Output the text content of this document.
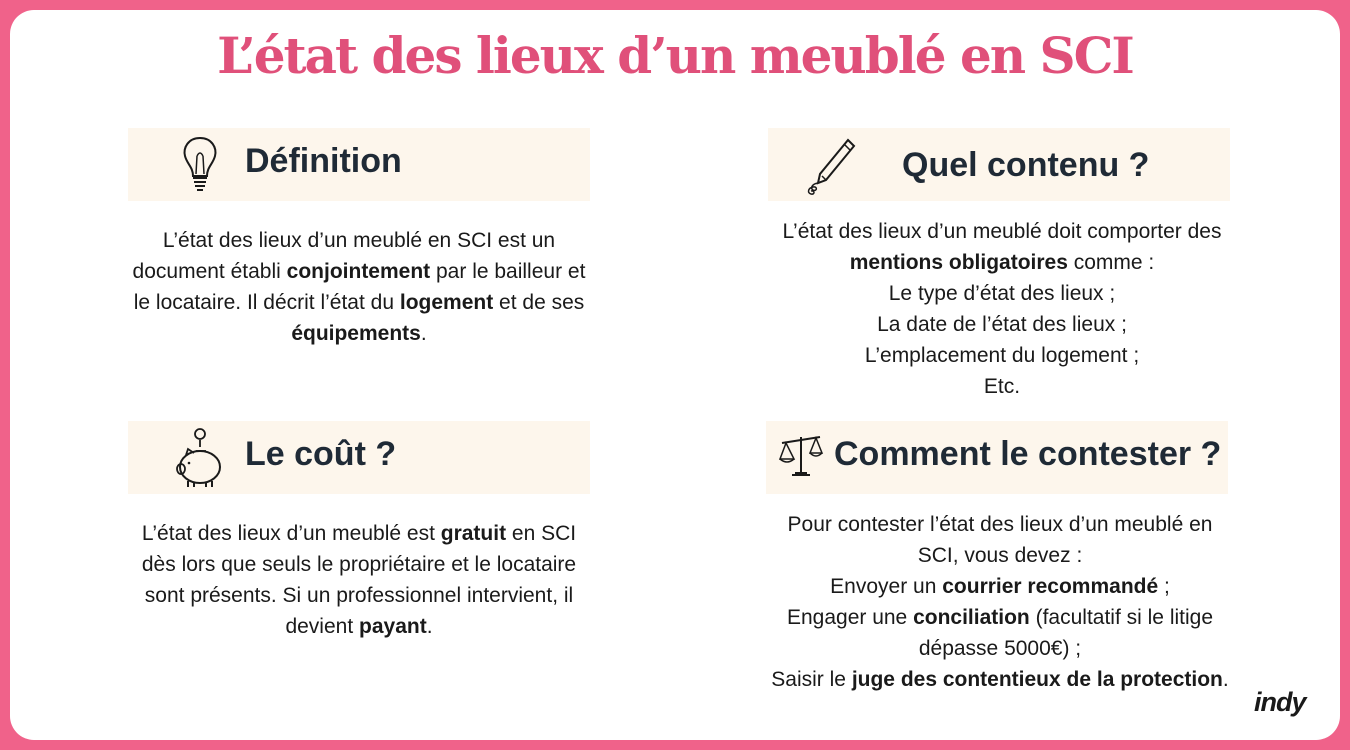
L’état des lieux d’un meublé en SCI
Définition

L’état des lieux d’un meublé en SCI est un document établi conjointement par le bailleur et le locataire. Il décrit l’état du logement et de ses équipements.

Quel contenu ?

L’état des lieux d’un meublé doit comporter des mentions obligatoires comme :

Le type d’état des lieux ;

La date de l’état des lieux ;

L’emplacement du logement ;

Etc.

Le coût ?

L’état des lieux d’un meublé est gratuit en SCI dès lors que seuls le propriétaire et le locataire sont présents. Si un professionnel intervient, il devient payant.

Comment le contester ?

Pour contester l’état des lieux d’un meublé en SCI, vous devez :

Envoyer un courrier recommandé ;

Engager une conciliation (facultatif si le litige dépasse 5000€) ;

Saisir le juge des contentieux de la protection.

indy
